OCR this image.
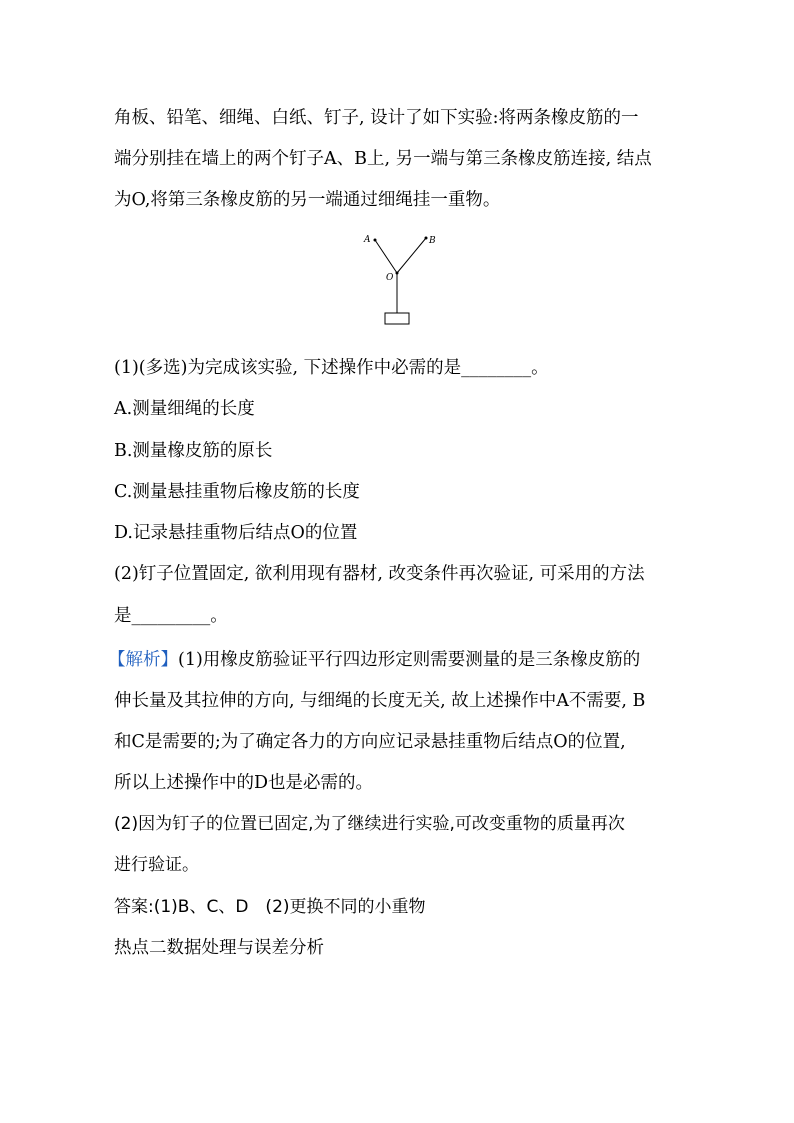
角板、铅笔、细绳、白纸、钉子, 设计了如下实验:将两条橡皮筋的一
端分别挂在墙上的两个钉子A、B上, 另一端与第三条橡皮筋连接, 结点
为O,将第三条橡皮筋的另一端通过细绳挂一重物。
A	B
O
(1)(多选)为完成该实验, 下述操作中必需的是________。
A.测量细绳的长度
B.测量橡皮筋的原长
C.测量悬挂重物后橡皮筋的长度
D.记录悬挂重物后结点O的位置
(2)钉子位置固定, 欲利用现有器材, 改变条件再次验证, 可采用的方法
是_________。
【解析】(1)用橡皮筋验证平行四边形定则需要测量的是三条橡皮筋的
伸长量及其拉伸的方向, 与细绳的长度无关, 故上述操作中A不需要, B
和C是需要的;为了确定各力的方向应记录悬挂重物后结点O的位置,
所以上述操作中的D也是必需的。
(2)因为钉子的位置已固定,为了继续进行实验,可改变重物的质量再次
进行验证。
答案:(1)B、C、D　(2)更换不同的小重物
热点二数据处理与误差分析
